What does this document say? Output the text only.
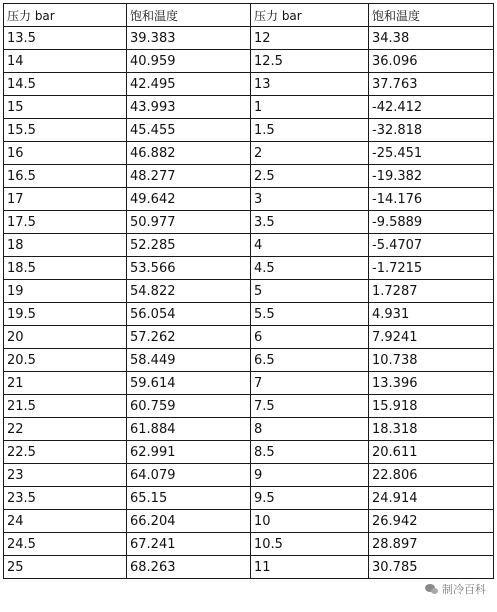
压力 bar	饱和温度	压力 bar	饱和温度
13.5	39.383	12	34.38
14	40.959	12.5	36.096
14.5	42.495	13	37.763
15	43.993	1	-42.412
15.5	45.455	1.5	-32.818
16	46.882	2	-25.451
16.5	48.277	2.5	-19.382
17	49.642	3	-14.176
17.5	50.977	3.5	-9.5889
18	52.285	4	-5.4707
18.5	53.566	4.5	-1.7215
19	54.822	5	1.7287
19.5	56.054	5.5	4.931
20	57.262	6	7.9241
20.5	58.449	6.5	10.738
21	59.614	7	13.396
21.5	60.759	7.5	15.918
22	61.884	8	18.318
22.5	62.991	8.5	20.611
23	64.079	9	22.806
23.5	65.15	9.5	24.914
24	66.204	10	26.942
24.5	67.241	10.5	28.897
25	68.263	11	30.785
制冷百科
